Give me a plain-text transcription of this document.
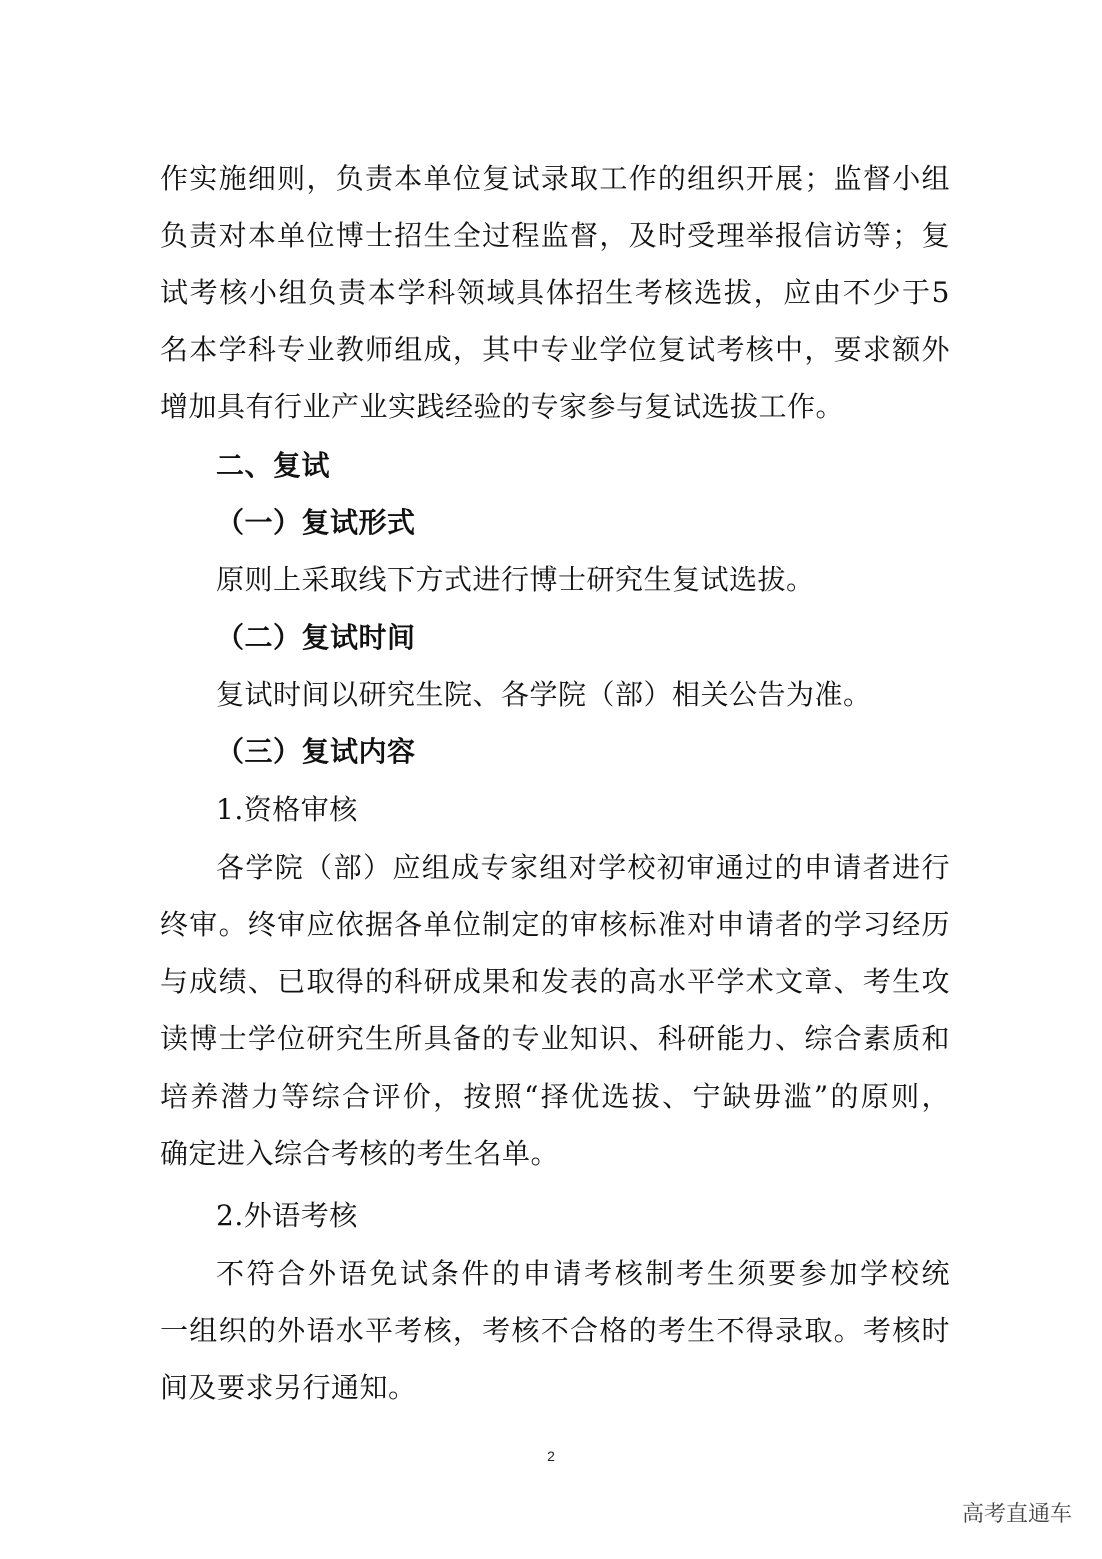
作实施细则，负责本单位复试录取工作的组织开展；监督小组

负责对本单位博士招生全过程监督，及时受理举报信访等；复

试考核小组负责本学科领域具体招生考核选拔，应由不少于5

名本学科专业教师组成，其中专业学位复试考核中，要求额外

增加具有行业产业实践经验的专家参与复试选拔工作。

二、复试

（一）复试形式

原则上采取线下方式进行博士研究生复试选拔。

（二）复试时间

复试时间以研究生院、各学院（部）相关公告为准。

（三）复试内容

1.资格审核

各学院（部）应组成专家组对学校初审通过的申请者进行

终审。终审应依据各单位制定的审核标准对申请者的学习经历

与成绩、已取得的科研成果和发表的高水平学术文章、考生攻

读博士学位研究生所具备的专业知识、科研能力、综合素质和

培养潜力等综合评价，按照“择优选拔、宁缺毋滥”的原则，

确定进入综合考核的考生名单。

2.外语考核

不符合外语免试条件的申请考核制考生须要参加学校统

一组织的外语水平考核，考核不合格的考生不得录取。考核时

间及要求另行通知。

2
高考直通车
